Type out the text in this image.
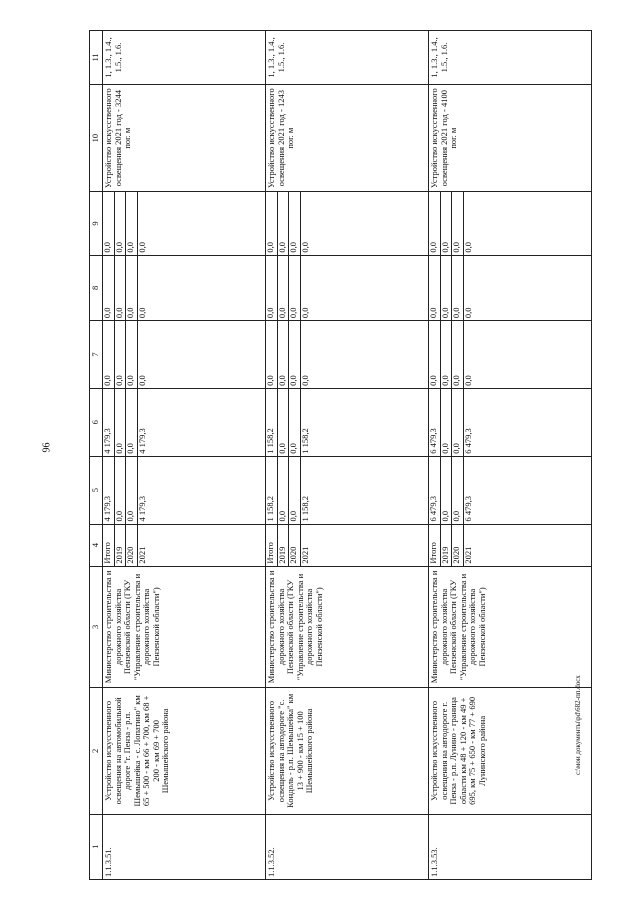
96
1	2	3	4	5	6	7	8	9	10	11
1.1.3.51.	Устройство искусственного освещения на автомобильной дороге "г. Пенза - р.п. Шемышейка - с. Лопатино" км 65 + 500 - км 66 + 700, км 68 + 200 - км 69 + 700 Шемышейского района	Министерство строительства и дорожного хозяйства Пензенской области (ГКУ "Управление строительства и дорожного хозяйства Пензенской области")	Итого 2019 2020 2021	4 179,3 0,0 0,0 4 179,3	4 179,3 0,0 0,0 4 179,3	0,0 0,0 0,0 0,0	0,0 0,0 0,0 0,0	0,0 0,0 0,0 0,0	Устройство искусственного освещения 2021 год - 3244 пог. м	1, 1.3., 1.4., 1.5., 1.6.
1.1.3.52.	Устройство искусственного освещения на автодороге "с. Кондоль - р.п. Шемышейка" км 13 + 900 - км 15 + 100 Шемышейского района	Министерство строительства и дорожного хозяйства Пензенской области (ГКУ "Управление строительства и дорожного хозяйства Пензенской области")	Итого 2019 2020 2021	1 158,2 0,0 0,0 1 158,2	1 158,2 0,0 0,0 1 158,2	0,0 0,0 0,0 0,0	0,0 0,0 0,0 0,0	0,0 0,0 0,0 0,0	Устройство искусственного освещения 2021 год - 1243 пог. м	1, 1.3., 1.4., 1.5., 1.6.
1.1.3.53.	Устройство искусственного освещения на автодороге г. Пенза - р.п. Лунино - граница области км 48 + 120 - км 49 + 695, км 75 + 650 - км 77 + 690 Лунинского района	Министерство строительства и дорожного хозяйства Пензенской области (ГКУ "Управление строительства и дорожного хозяйства Пензенской области")	Итого 2019 2020 2021	6 479,3 0,0 0,0 6 479,3	6 479,3 0,0 0,0 6 479,3	0,0 0,0 0,0 0,0	0,0 0,0 0,0 0,0	0,0 0,0 0,0 0,0	Устройство искусственного освещения 2021 год - 4100 пог. м	1, 1.3., 1.4., 1.5., 1.6.
c:\мои документы\pd\682-пп.docx
